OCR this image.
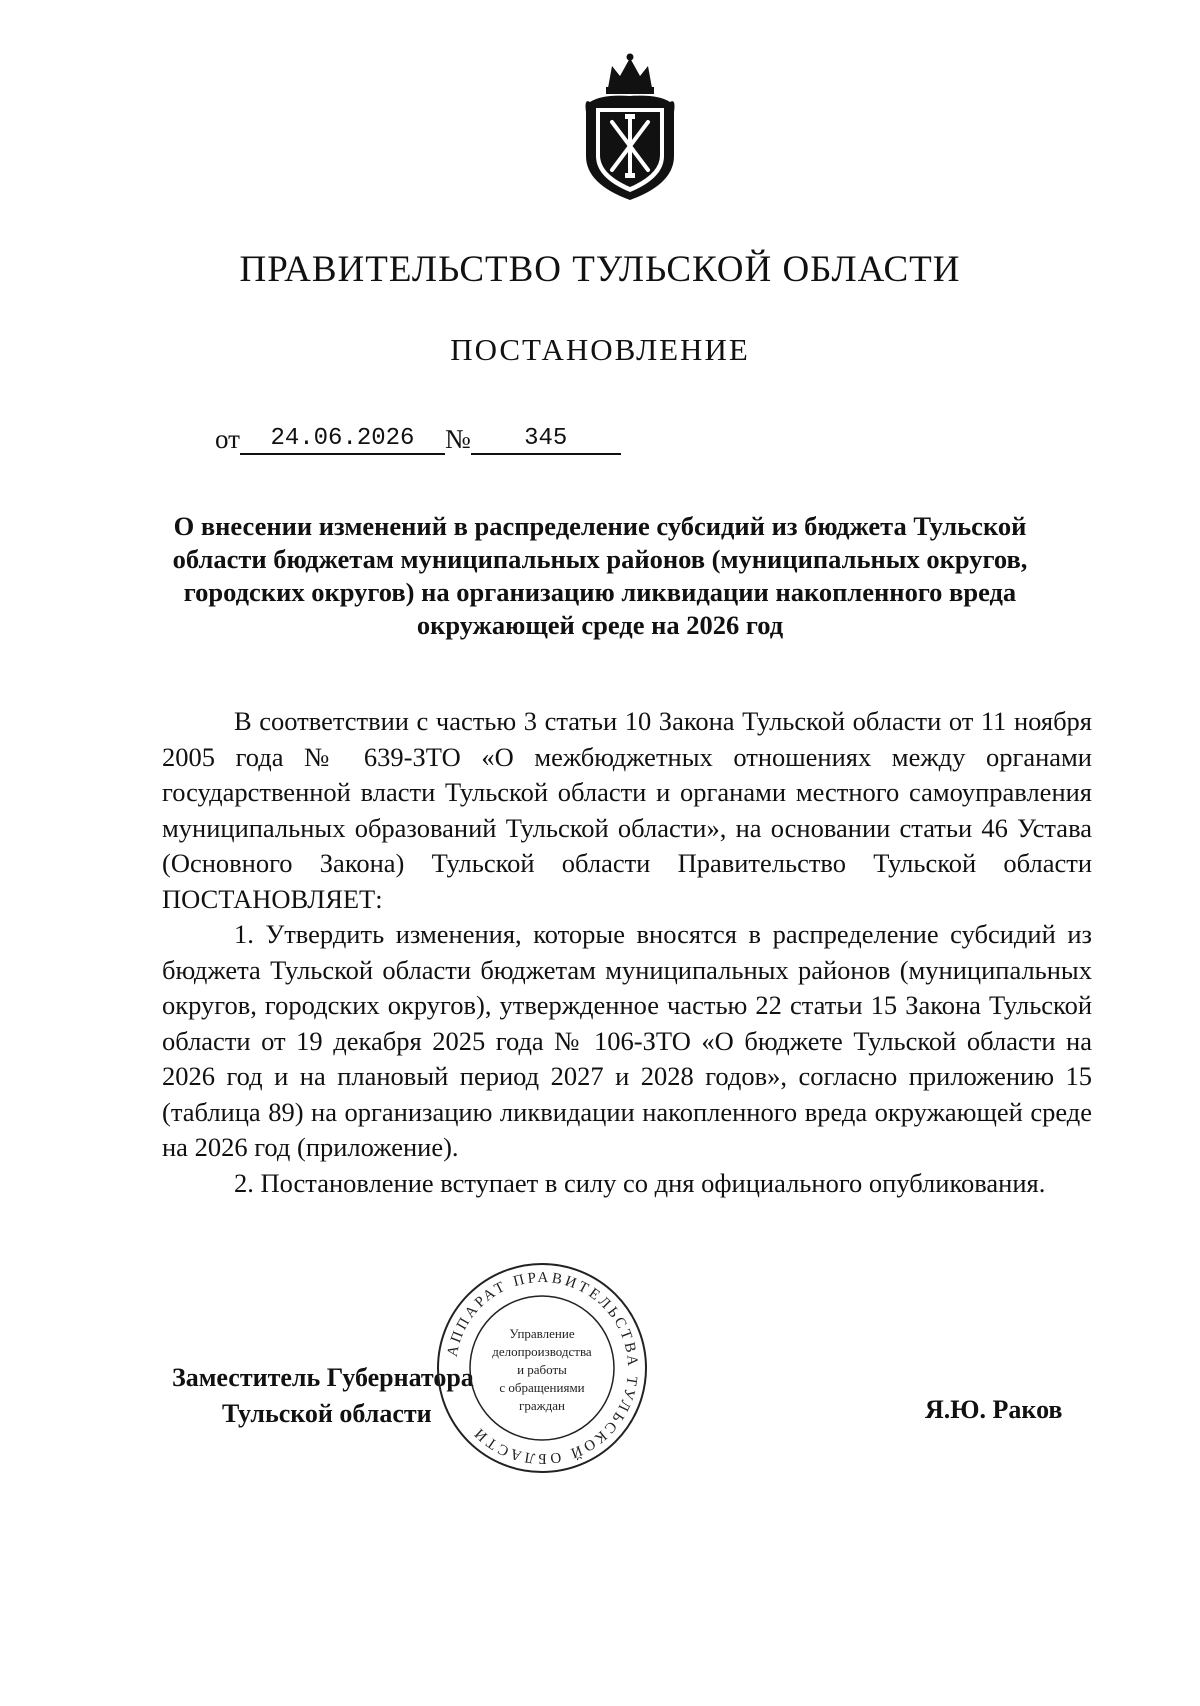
ПРАВИТЕЛЬСТВО ТУЛЬСКОЙ ОБЛАСТИ
ПОСТАНОВЛЕНИЕ
от	24.06.2026	№	345
О внесении изменений в распределение субсидий из бюджета Тульской области бюджетам муниципальных районов (муниципальных округов, городских округов) на организацию ликвидации накопленного вреда окружающей среде на 2026 год

В соответствии с частью 3 статьи 10 Закона Тульской области от 11 ноября 2005 года № 639-ЗТО «О межбюджетных отношениях между органами государственной власти Тульской области и органами местного самоуправления муниципальных образований Тульской области», на основании статьи 46 Устава (Основного Закона) Тульской области Правительство Тульской области ПОСТАНОВЛЯЕТ:

1. Утвердить изменения, которые вносятся в распределение субсидий из бюджета Тульской области бюджетам муниципальных районов (муниципальных округов, городских округов), утвержденное частью 22 статьи 15 Закона Тульской области от 19 декабря 2025 года № 106-ЗТО «О бюджете Тульской области на 2026 год и на плановый период 2027 и 2028 годов», согласно приложению 15 (таблица 89) на организацию ликвидации накопленного вреда окружающей среде на 2026 год (приложение).

2. Постановление вступает в силу со дня официального опубликования.

Заместитель Губернатора
Тульской области	Я.Ю. Раков
АППАРАТ ПРАВИТЕЛЬСТВА ТУЛЬСКОЙ ОБЛАСТИ
Управление
делопроизводства
и работы
с обращениями
граждан
